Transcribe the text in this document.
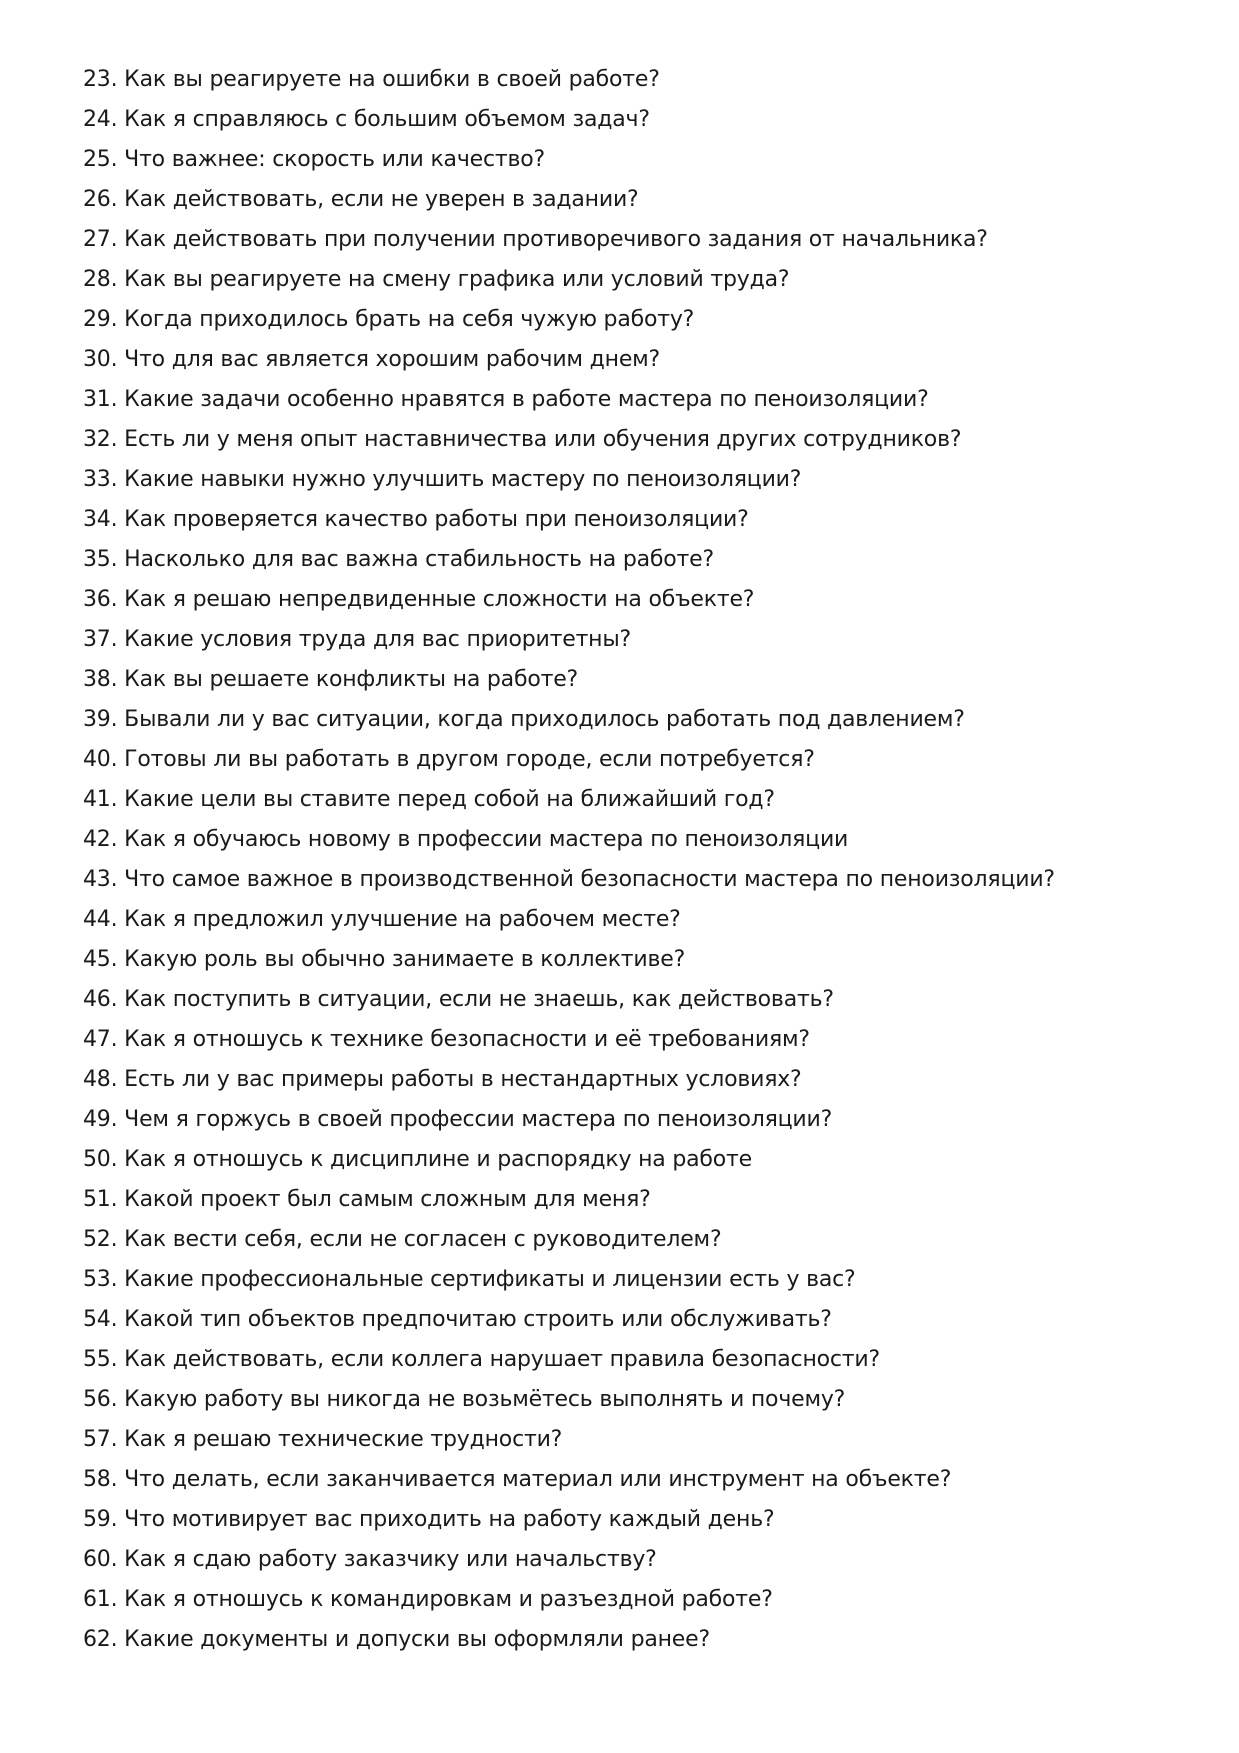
23. Как вы реагируете на ошибки в своей работе?
24. Как я справляюсь с большим объемом задач?
25. Что важнее: скорость или качество?
26. Как действовать, если не уверен в задании?
27. Как действовать при получении противоречивого задания от начальника?
28. Как вы реагируете на смену графика или условий труда?
29. Когда приходилось брать на себя чужую работу?
30. Что для вас является хорошим рабочим днем?
31. Какие задачи особенно нравятся в работе мастера по пеноизоляции?
32. Есть ли у меня опыт наставничества или обучения других сотрудников?
33. Какие навыки нужно улучшить мастеру по пеноизоляции?
34. Как проверяется качество работы при пеноизоляции?
35. Насколько для вас важна стабильность на работе?
36. Как я решаю непредвиденные сложности на объекте?
37. Какие условия труда для вас приоритетны?
38. Как вы решаете конфликты на работе?
39. Бывали ли у вас ситуации, когда приходилось работать под давлением?
40. Готовы ли вы работать в другом городе, если потребуется?
41. Какие цели вы ставите перед собой на ближайший год?
42. Как я обучаюсь новому в профессии мастера по пеноизоляции
43. Что самое важное в производственной безопасности мастера по пеноизоляции?
44. Как я предложил улучшение на рабочем месте?
45. Какую роль вы обычно занимаете в коллективе?
46. Как поступить в ситуации, если не знаешь, как действовать?
47. Как я отношусь к технике безопасности и её требованиям?
48. Есть ли у вас примеры работы в нестандартных условиях?
49. Чем я горжусь в своей профессии мастера по пеноизоляции?
50. Как я отношусь к дисциплине и распорядку на работе
51. Какой проект был самым сложным для меня?
52. Как вести себя, если не согласен с руководителем?
53. Какие профессиональные сертификаты и лицензии есть у вас?
54. Какой тип объектов предпочитаю строить или обслуживать?
55. Как действовать, если коллега нарушает правила безопасности?
56. Какую работу вы никогда не возьмётесь выполнять и почему?
57. Как я решаю технические трудности?
58. Что делать, если заканчивается материал или инструмент на объекте?
59. Что мотивирует вас приходить на работу каждый день?
60. Как я сдаю работу заказчику или начальству?
61. Как я отношусь к командировкам и разъездной работе?
62. Какие документы и допуски вы оформляли ранее?
